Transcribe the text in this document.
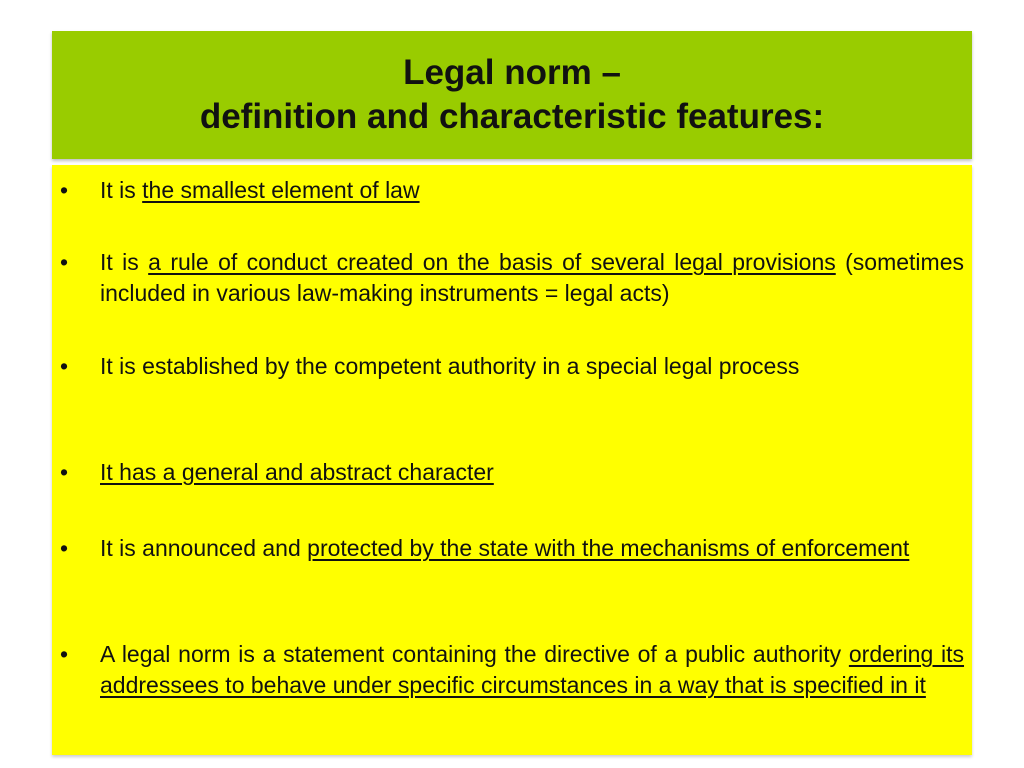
Legal norm –
definition and characteristic features:
•	It is the smallest element of law
•	It is a rule of conduct created on the basis of several legal provisions (sometimes included in various law-making instruments = legal acts)
•	It is established by the competent authority in a special legal process
•	It has a general and abstract character
•	It is announced and protected by the state with the mechanisms of enforcement
•	A legal norm is a statement containing the directive of a public authority ordering its addressees to behave under specific circumstances in a way that is specified in it
